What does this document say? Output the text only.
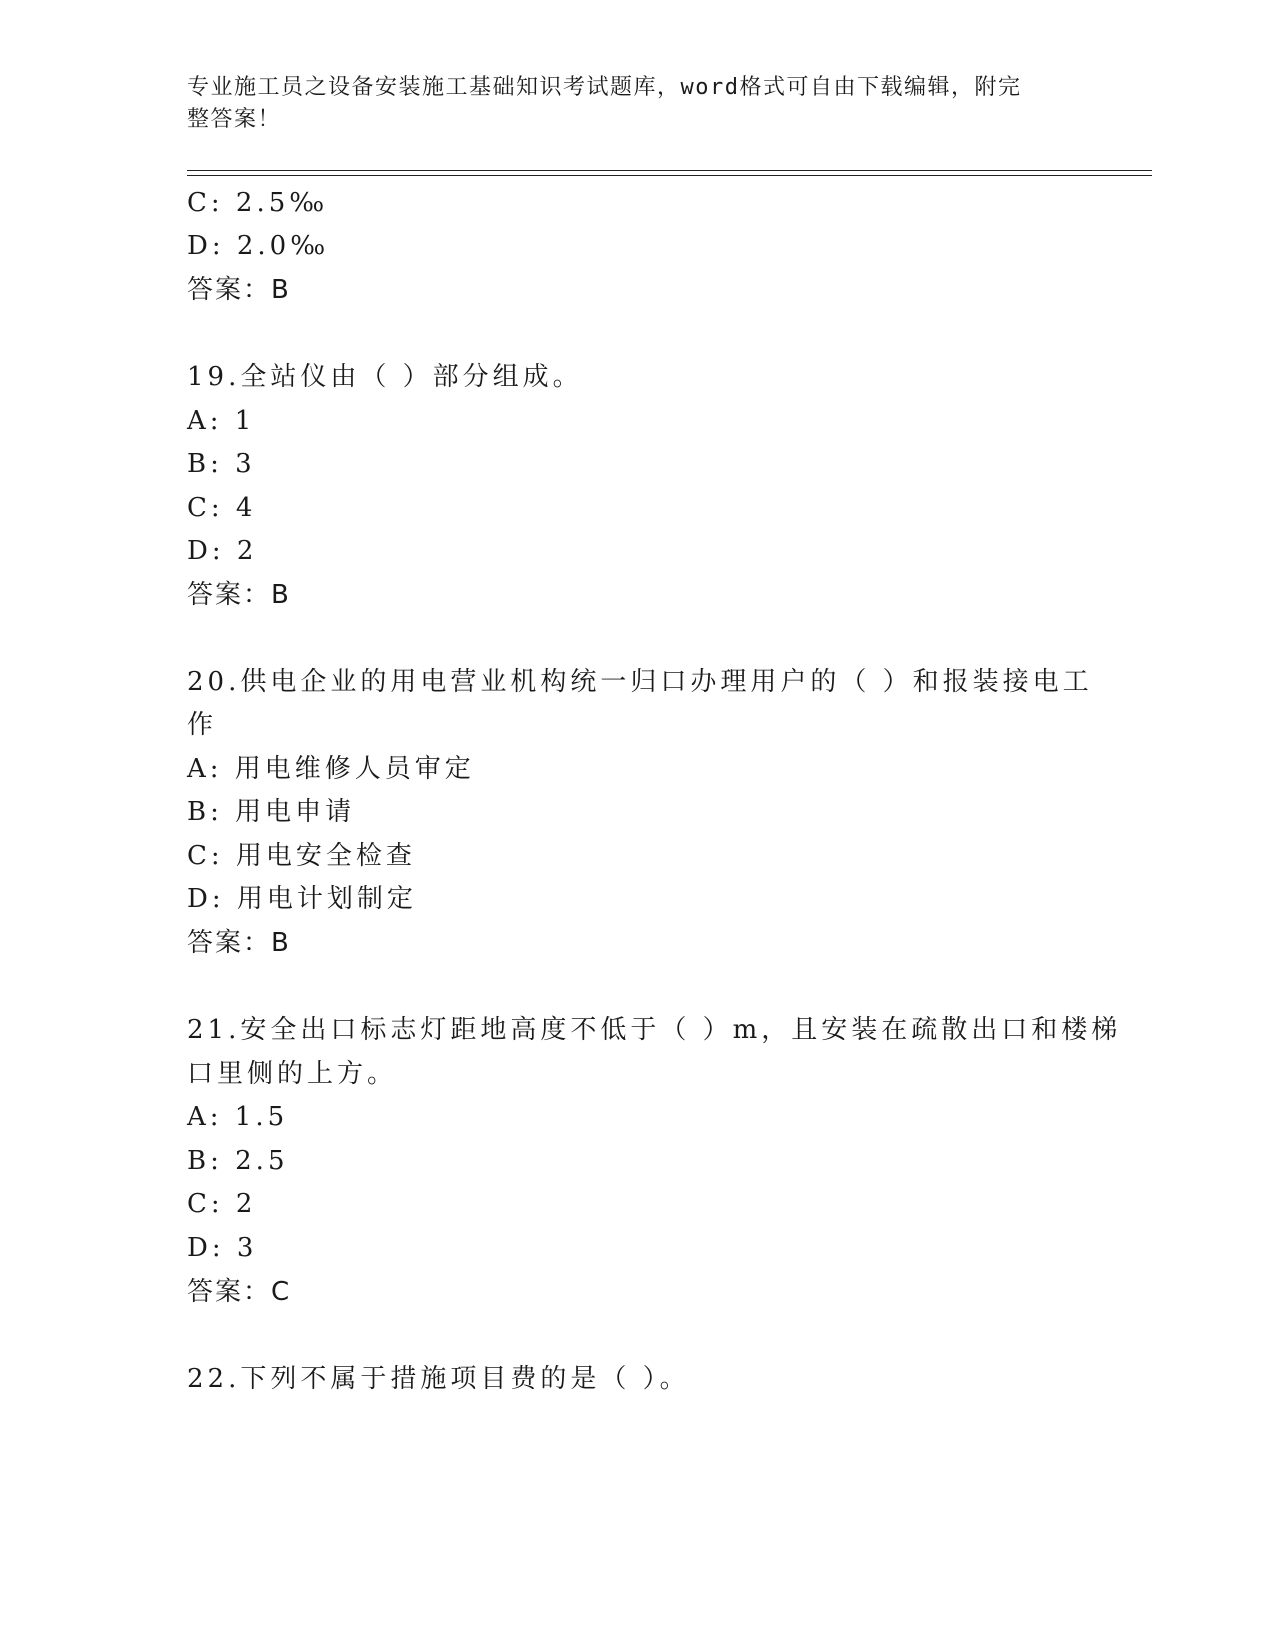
专业施工员之设备安装施工基础知识考试题库，word格式可自由下载编辑，附完
整答案！
C: 2.5‰
D: 2.0‰
答案：B
19.全站仪由（ ）部分组成。
A: 1
B: 3
C: 4
D: 2
答案：B
20.供电企业的用电营业机构统一归口办理用户的（ ）和报装接电工
作
A: 用电维修人员审定
B: 用电申请
C: 用电安全检查
D: 用电计划制定
答案：B
21.安全出口标志灯距地高度不低于（ ）m，且安装在疏散出口和楼梯
口里侧的上方。
A: 1.5
B: 2.5
C: 2
D: 3
答案：C
22.下列不属于措施项目费的是（ ）。
